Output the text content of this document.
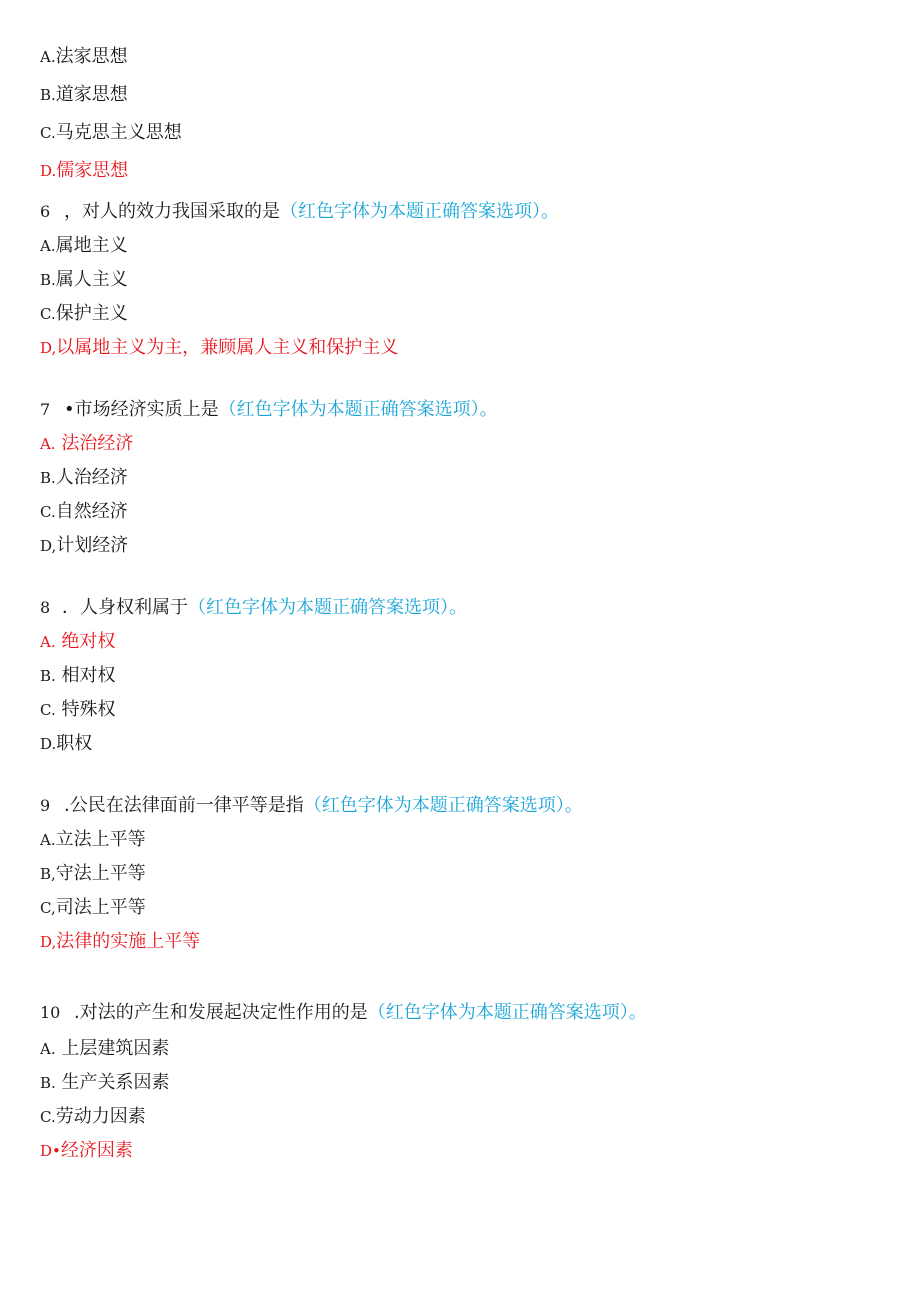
A.法家思想
B.道家思想
C.马克思主义思想
D.儒家思想
6 ，对人的效力我国采取的是（红色字体为本题正确答案选项）。
A.属地主义
B.属人主义
C.保护主义
D,以属地主义为主，兼顾属人主义和保护主义
7 •市场经济实质上是（红色字体为本题正确答案选项）。
A. 法治经济
B.人治经济
C.自然经济
D,计划经济
8 ．人身权利属于（红色字体为本题正确答案选项）。
A. 绝对权
B. 相对权
C. 特殊权
D.职权
9 .公民在法律面前一律平等是指（红色字体为本题正确答案选项）。
A.立法上平等
B,守法上平等
C,司法上平等
D,法律的实施上平等
10 .对法的产生和发展起决定性作用的是（红色字体为本题正确答案选项）。
A. 上层建筑因素
B. 生产关系因素
C.劳动力因素
D•经济因素
